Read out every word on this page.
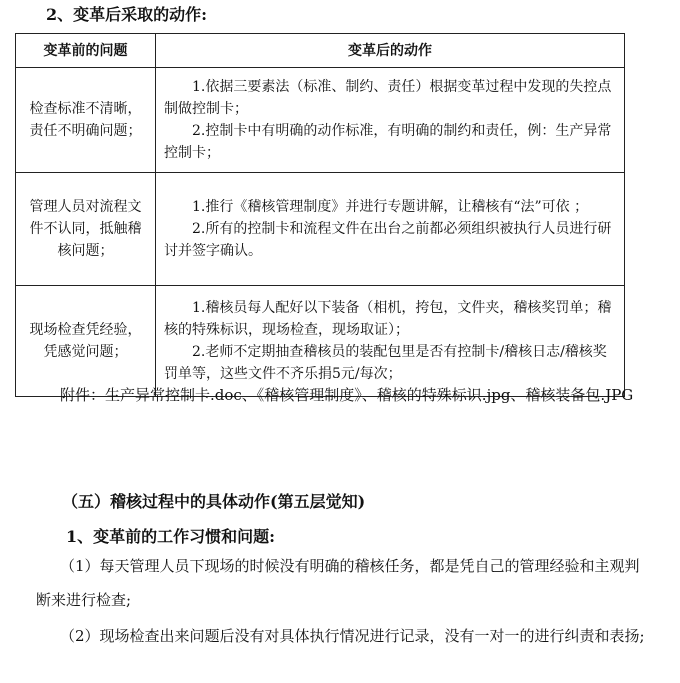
2、变革后采取的动作:
变革前的问题	变革后的动作
检查标准不清晰，责任不明确问题；	1.依据三要素法（标准、制约、责任）根据变革过程中发现的失控点制做控制卡；

2.控制卡中有明确的动作标准，有明确的制约和责任，例：生产异常控制卡；

管理人员对流程文件不认同，抵触稽核问题；	1.推行《稽核管理制度》并进行专题讲解，让稽核有“法”可依 ；

2.所有的控制卡和流程文件在出台之前都必须组织被执行人员进行研讨并签字确认。

现场检查凭经验，凭感觉问题；	1.稽核员每人配好以下装备（相机，挎包，文件夹，稽核奖罚单；稽核的特殊标识，现场检查，现场取证）；

2.老师不定期抽查稽核员的装配包里是否有控制卡/稽核日志/稽核奖罚单等，这些文件不齐乐捐5元/每次；

附件：生产异常控制卡.doc、《稽核管理制度》、稽核的特殊标识.jpg、稽核装备包.JPG
（五）稽核过程中的具体动作(第五层觉知)
1、变革前的工作习惯和问题:
（1）每天管理人员下现场的时候没有明确的稽核任务，都是凭自己的管理经验和主观判断来进行检查;
（2）现场检查出来问题后没有对具体执行情况进行记录，没有一对一的进行纠责和表扬;
